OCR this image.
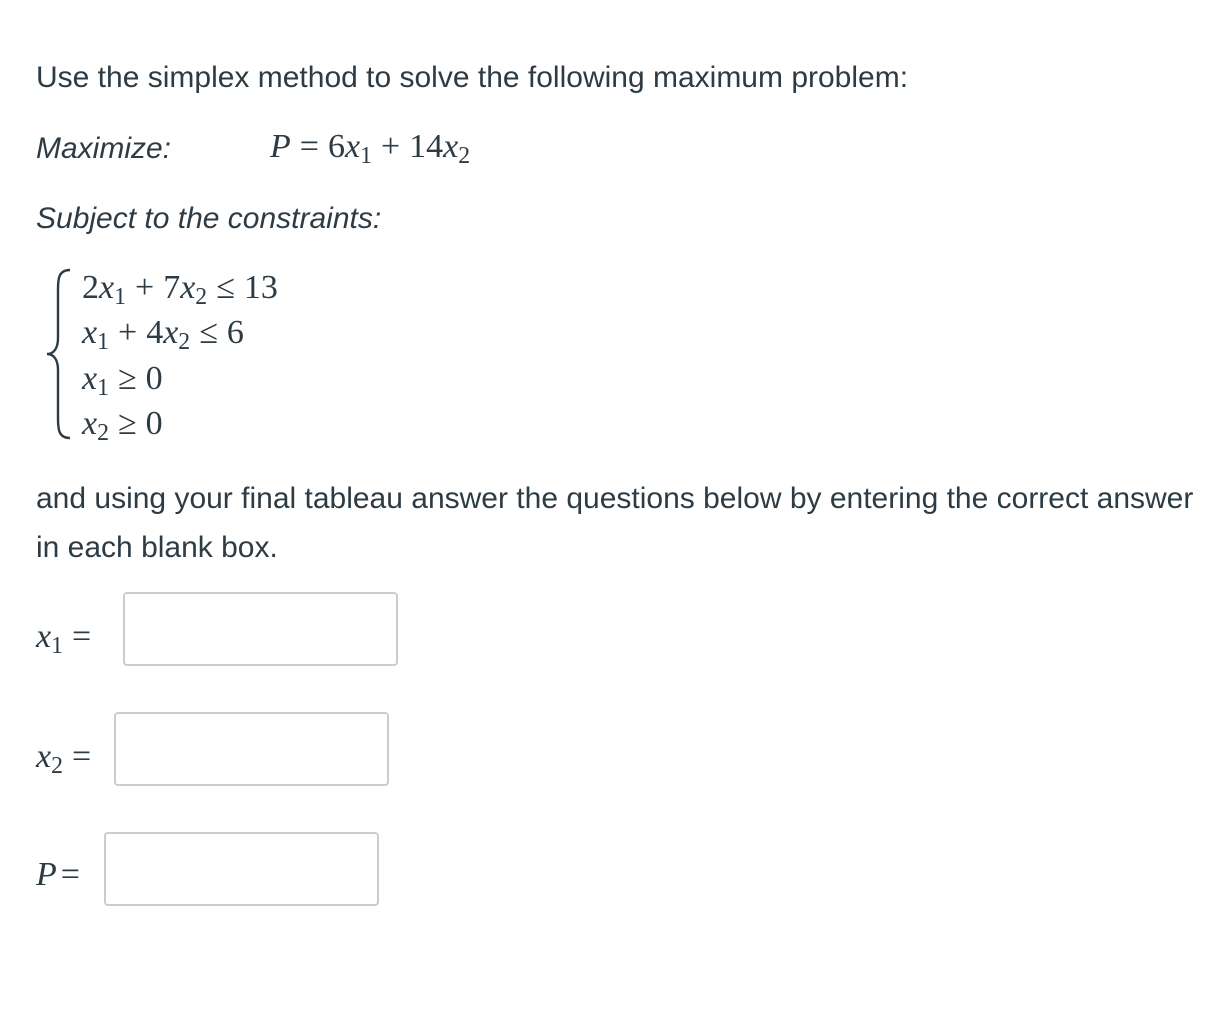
Use the simplex method to solve the following maximum problem:
Maximize:	$P = 6x_1 + 14x_2$
Subject to the constraints:
$2x_1 + 7x_2 \le 13$
$x_1 + 4x_2 \le 6$
$x_1 \ge 0$
$x_2 \ge 0$
and using your final tableau answer the questions below by entering the correct answer in each blank box.
$x_1$ =
$x_2$ =
P =
